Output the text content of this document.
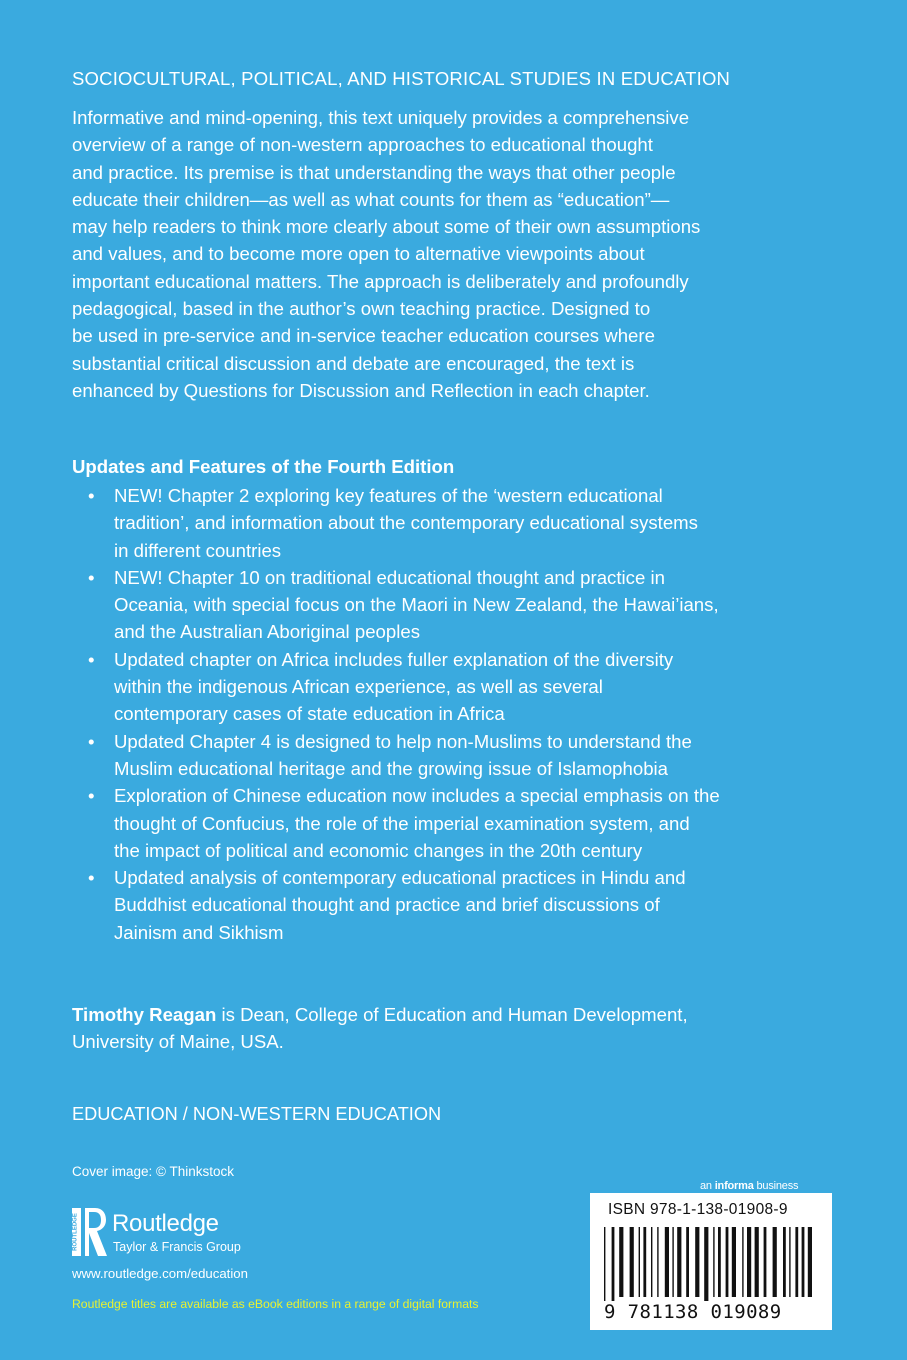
SOCIOCULTURAL, POLITICAL, AND HISTORICAL STUDIES IN EDUCATION

Informative and mind-opening, this text uniquely provides a comprehensive
overview of a range of non-western approaches to educational thought
and practice. Its premise is that understanding the ways that other people
educate their children—as well as what counts for them as “education”—
may help readers to think more clearly about some of their own assumptions
and values, and to become more open to alternative viewpoints about
important educational matters. The approach is deliberately and profoundly
pedagogical, based in the author’s own teaching practice. Designed to
be used in pre-service and in-service teacher education courses where
substantial critical discussion and debate are encouraged, the text is
enhanced by Questions for Discussion and Reflection in each chapter.

Updates and Features of the Fourth Edition
• NEW! Chapter 2 exploring key features of the ‘western educational
tradition’, and information about the contemporary educational systems
in different countries
• NEW! Chapter 10 on traditional educational thought and practice in
Oceania, with special focus on the Maori in New Zealand, the Hawai’ians,
and the Australian Aboriginal peoples
• Updated chapter on Africa includes fuller explanation of the diversity
within the indigenous African experience, as well as several
contemporary cases of state education in Africa
• Updated Chapter 4 is designed to help non-Muslims to understand the
Muslim educational heritage and the growing issue of Islamophobia
• Exploration of Chinese education now includes a special emphasis on the
thought of Confucius, the role of the imperial examination system, and
the impact of political and economic changes in the 20th century
• Updated analysis of contemporary educational practices in Hindu and
Buddhist educational thought and practice and brief discussions of
Jainism and Sikhism

Timothy Reagan is Dean, College of Education and Human Development,
University of Maine, USA.

EDUCATION / NON-WESTERN EDUCATION
Cover image: © Thinkstock
ROUTLEDGE Routledge
Taylor & Francis Group
www.routledge.com/education
Routledge titles are available as eBook editions in a range of digital formats
an informa business
ISBN 978-1-138-01908-9
9 781138 019089
